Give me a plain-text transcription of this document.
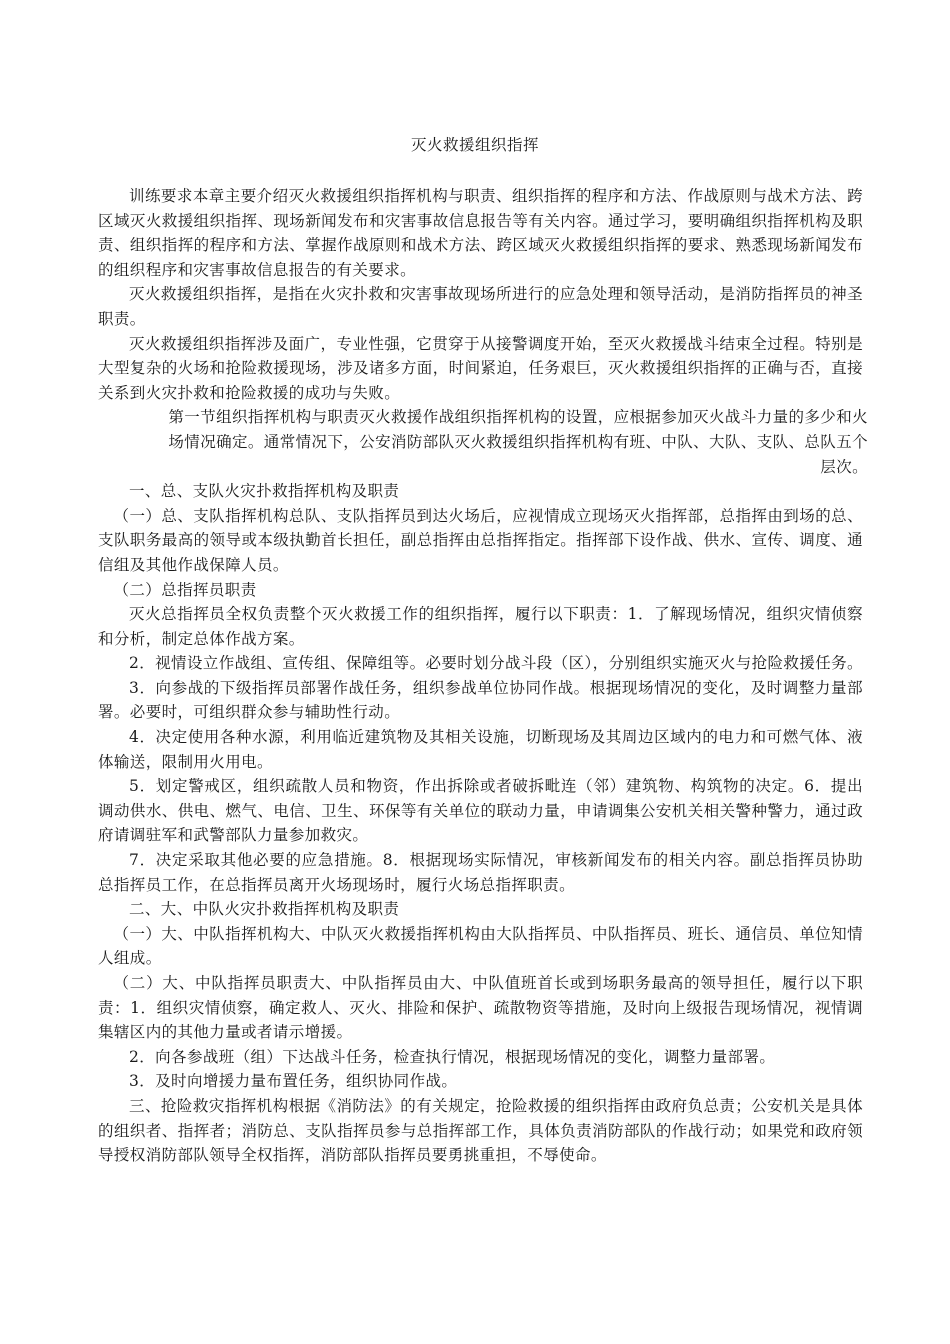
灭火救援组织指挥

训练要求本章主要介绍灭火救援组织指挥机构与职责、组织指挥的程序和方法、作战原则与战术方法、跨区域灭火救援组织指挥、现场新闻发布和灾害事故信息报告等有关内容。通过学习，要明确组织指挥机构及职责、组织指挥的程序和方法、掌握作战原则和战术方法、跨区域灭火救援组织指挥的要求、熟悉现场新闻发布的组织程序和灾害事故信息报告的有关要求。

灭火救援组织指挥，是指在火灾扑救和灾害事故现场所进行的应急处理和领导活动，是消防指挥员的神圣职责。

灭火救援组织指挥涉及面广，专业性强，它贯穿于从接警调度开始，至灭火救援战斗结束全过程。特别是大型复杂的火场和抢险救援现场，涉及诸多方面，时间紧迫，任务艰巨，灭火救援组织指挥的正确与否，直接关系到火灾扑救和抢险救援的成功与失败。

第一节组织指挥机构与职责灭火救援作战组织指挥机构的设置，应根据参加灭火战斗力量的多少和火
场情况确定。通常情况下，公安消防部队灭火救援组织指挥机构有班、中队、大队、支队、总队五个
层次。

一、总、支队火灾扑救指挥机构及职责

（一）总、支队指挥机构总队、支队指挥员到达火场后，应视情成立现场灭火指挥部，总指挥由到场的总、支队职务最高的领导或本级执勤首长担任，副总指挥由总指挥指定。指挥部下设作战、供水、宣传、调度、通信组及其他作战保障人员。

（二）总指挥员职责

灭火总指挥员全权负责整个灭火救援工作的组织指挥，履行以下职责：1．了解现场情况，组织灾情侦察和分析，制定总体作战方案。

2．视情设立作战组、宣传组、保障组等。必要时划分战斗段（区），分别组织实施灭火与抢险救援任务。

3．向参战的下级指挥员部署作战任务，组织参战单位协同作战。根据现场情况的变化，及时调整力量部署。必要时，可组织群众参与辅助性行动。

4．决定使用各种水源，利用临近建筑物及其相关设施，切断现场及其周边区域内的电力和可燃气体、液体输送，限制用火用电。

5．划定警戒区，组织疏散人员和物资，作出拆除或者破拆毗连（邻）建筑物、构筑物的决定。6．提出调动供水、供电、燃气、电信、卫生、环保等有关单位的联动力量，申请调集公安机关相关警种警力，通过政府请调驻军和武警部队力量参加救灾。

7．决定采取其他必要的应急措施。8．根据现场实际情况，审核新闻发布的相关内容。副总指挥员协助总指挥员工作，在总指挥员离开火场现场时，履行火场总指挥职责。

二、大、中队火灾扑救指挥机构及职责

（一）大、中队指挥机构大、中队灭火救援指挥机构由大队指挥员、中队指挥员、班长、通信员、单位知情人组成。

（二）大、中队指挥员职责大、中队指挥员由大、中队值班首长或到场职务最高的领导担任，履行以下职责：1．组织灾情侦察，确定救人、灭火、排险和保护、疏散物资等措施，及时向上级报告现场情况，视情调集辖区内的其他力量或者请示增援。

2．向各参战班（组）下达战斗任务，检查执行情况，根据现场情况的变化，调整力量部署。

3．及时向增援力量布置任务，组织协同作战。

三、抢险救灾指挥机构根据《消防法》的有关规定，抢险救援的组织指挥由政府负总责；公安机关是具体的组织者、指挥者；消防总、支队指挥员参与总指挥部工作，具体负责消防部队的作战行动；如果党和政府领导授权消防部队领导全权指挥，消防部队指挥员要勇挑重担，不辱使命。
